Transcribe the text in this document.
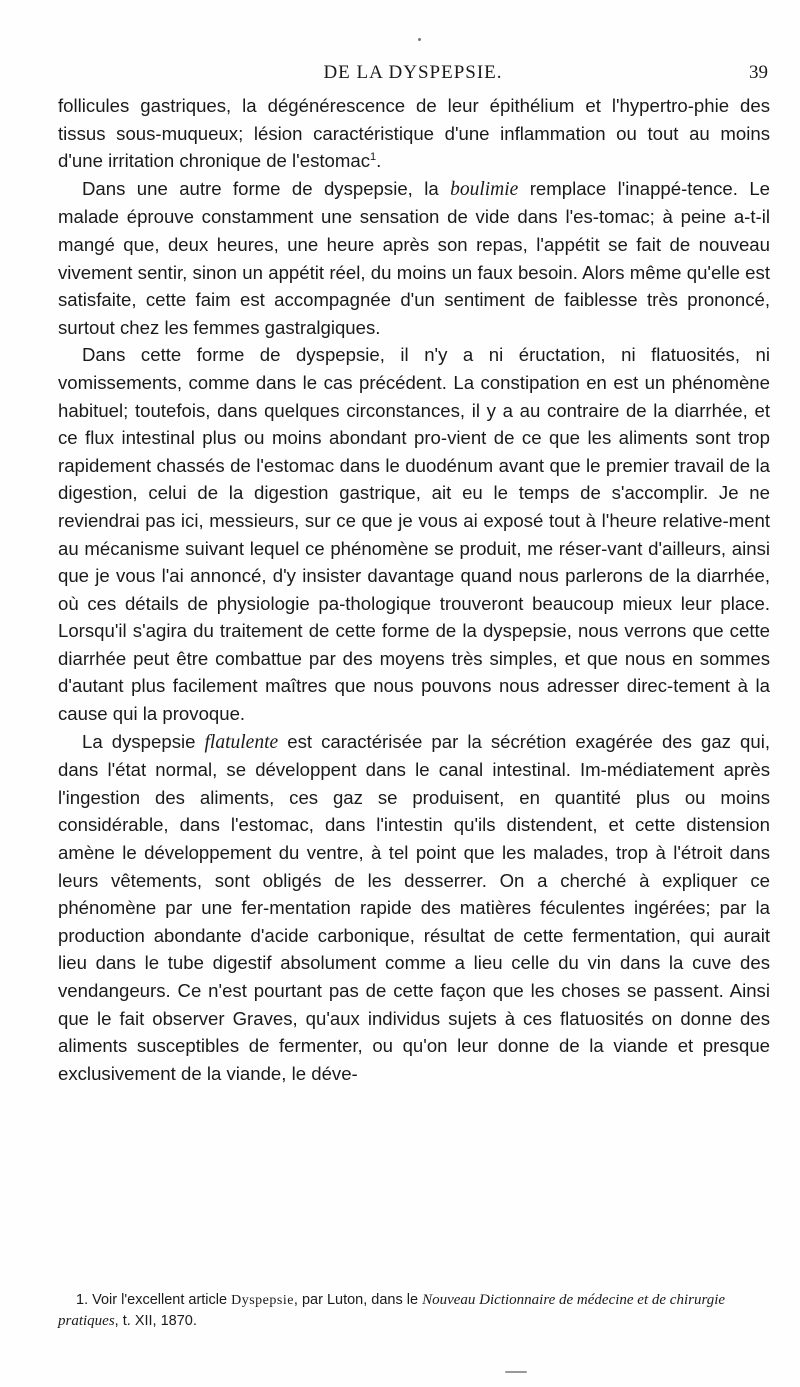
DE LA DYSPEPSIE.	39

follicules gastriques, la dégénérescence de leur épithélium et l'hypertro-phie des tissus sous-muqueux; lésion caractéristique d'une inflammation ou tout au moins d'une irritation chronique de l'estomac$^1$.

Dans une autre forme de dyspepsie, la boulimie remplace l'inappé-tence. Le malade éprouve constamment une sensation de vide dans l'es-tomac; à peine a-t-il mangé que, deux heures, une heure après son repas, l'appétit se fait de nouveau vivement sentir, sinon un appétit réel, du moins un faux besoin. Alors même qu'elle est satisfaite, cette faim est accompagnée d'un sentiment de faiblesse très prononcé, surtout chez les femmes gastralgiques.

Dans cette forme de dyspepsie, il n'y a ni éructation, ni flatuosités, ni vomissements, comme dans le cas précédent. La constipation en est un phénomène habituel; toutefois, dans quelques circonstances, il y a au contraire de la diarrhée, et ce flux intestinal plus ou moins abondant pro-vient de ce que les aliments sont trop rapidement chassés de l'estomac dans le duodénum avant que le premier travail de la digestion, celui de la digestion gastrique, ait eu le temps de s'accomplir. Je ne reviendrai pas ici, messieurs, sur ce que je vous ai exposé tout à l'heure relative-ment au mécanisme suivant lequel ce phénomène se produit, me réser-vant d'ailleurs, ainsi que je vous l'ai annoncé, d'y insister davantage quand nous parlerons de la diarrhée, où ces détails de physiologie pa-thologique trouveront beaucoup mieux leur place. Lorsqu'il s'agira du traitement de cette forme de la dyspepsie, nous verrons que cette diarrhée peut être combattue par des moyens très simples, et que nous en sommes d'autant plus facilement maîtres que nous pouvons nous adresser direc-tement à la cause qui la provoque.

La dyspepsie flatulente est caractérisée par la sécrétion exagérée des gaz qui, dans l'état normal, se développent dans le canal intestinal. Im-médiatement après l'ingestion des aliments, ces gaz se produisent, en quantité plus ou moins considérable, dans l'estomac, dans l'intestin qu'ils distendent, et cette distension amène le développement du ventre, à tel point que les malades, trop à l'étroit dans leurs vêtements, sont obligés de les desserrer. On a cherché à expliquer ce phénomène par une fer-mentation rapide des matières féculentes ingérées; par la production abondante d'acide carbonique, résultat de cette fermentation, qui aurait lieu dans le tube digestif absolument comme a lieu celle du vin dans la cuve des vendangeurs. Ce n'est pourtant pas de cette façon que les choses se passent. Ainsi que le fait observer Graves, qu'aux individus sujets à ces flatuosités on donne des aliments susceptibles de fermenter, ou qu'on leur donne de la viande et presque exclusivement de la viande, le déve-

1. Voir l'excellent article Dyspepsie, par Luton, dans le Nouveau Dictionnaire de médecine et de chirurgie pratiques, t. XII, 1870.
